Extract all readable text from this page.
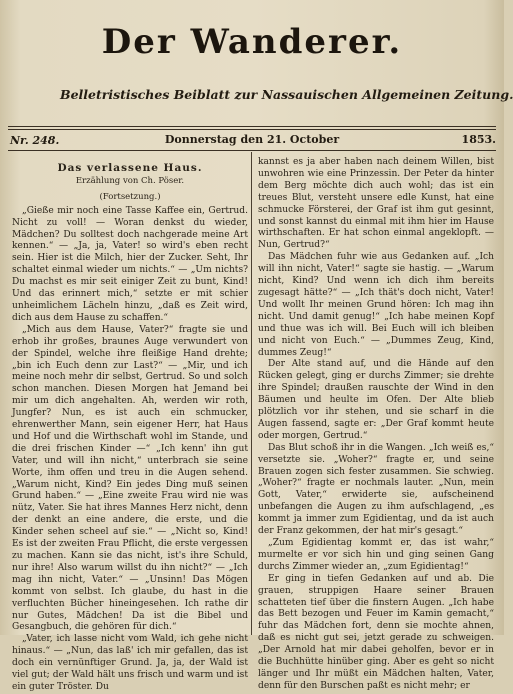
Der Wanderer.
Belletristisches Beiblatt zur Nassauischen Allgemeinen Zeitung.
Nr. 248.	Donnerstag den 21. October	1853.
Das verlassene Haus.
Erzählung von Ch. Pöser.
(Fortsetzung.)

„Gieße mir noch eine Tasse Kaffee ein, Gertrud. Nicht zu voll! — Woran denkst du wieder, Mädchen? Du solltest doch nachgerade meine Art kennen.“ — „Ja, ja, Vater! so wird's eben recht sein. Hier ist die Milch, hier der Zucker. Seht, Ihr schaltet einmal wieder um nichts.“ — „Um nichts? Du machst es mir seit einiger Zeit zu bunt, Kind! Und das erinnert mich,“ setzte er mit schier unheimlichem Lächeln hinzu, „daß es Zeit wird, dich aus dem Hause zu schaffen.“

„Mich aus dem Hause, Vater?“ fragte sie und erhob ihr großes, braunes Auge verwundert von der Spindel, welche ihre fleißige Hand drehte; „bin ich Euch denn zur Last?“ — „Mir, und ich meine noch mehr dir selbst, Gertrud. So und solch schon manchen. Diesen Morgen hat Jemand bei mir um dich angehalten. Ah, werden wir roth, Jungfer? Nun, es ist auch ein schmucker, ehrenwerther Mann, sein eigener Herr, hat Haus und Hof und die Wirthschaft wohl im Stande, und die drei frischen Kinder —“ „Ich kenn' ihn gut Vater, und will ihn nicht,“ unterbrach sie seine Worte, ihm offen und treu in die Augen sehend. „Warum nicht, Kind? Ein jedes Ding muß seinen Grund haben.“ — „Eine zweite Frau wird nie was nütz, Vater. Sie hat ihres Mannes Herz nicht, denn der denkt an eine andere, die erste, und die Kinder sehen scheel auf sie.“ — „Nicht so, Kind! Es ist der zweiten Frau Pflicht, die erste vergessen zu machen. Kann sie das nicht, ist's ihre Schuld, nur ihre! Also warum willst du ihn nicht?“ — „Ich mag ihn nicht, Vater.“ — „Unsinn! Das Mögen kommt von selbst. Ich glaube, du hast in die verfluchten Bücher hineingesehen. Ich rathe dir nur Gutes, Mädchen! Da ist die Bibel und Gesangbuch, die gehören für dich.“

„Vater, ich lasse nicht vom Wald, ich gehe nicht hinaus.“ — „Nun, das laß' ich mir gefallen, das ist doch ein vernünftiger Grund. Ja, ja, der Wald ist viel gut; der Wald hält uns frisch und warm und ist ein guter Tröster. Du

kannst es ja aber haben nach deinem Willen, bist unwohren wie eine Prinzessin. Der Peter da hinter dem Berg möchte dich auch wohl; das ist ein treues Blut, versteht unsere edle Kunst, hat eine schmucke Försterei, der Graf ist ihm gut gesinnt, und sonst kannst du einmal mit ihm hier im Hause wirthschaften. Er hat schon einmal angeklopft. — Nun, Gertrud?“

Das Mädchen fuhr wie aus Gedanken auf. „Ich will ihn nicht, Vater!“ sagte sie hastig. — „Warum nicht, Kind? Und wenn ich dich ihm bereits zugesagt hätte?“ — „Ich thät's doch nicht, Vater! Und wollt Ihr meinen Grund hören: Ich mag ihn nicht. Und damit genug!“ „Ich habe meinen Kopf und thue was ich will. Bei Euch will ich bleiben und nicht von Euch.“ — „Dummes Zeug, Kind, dummes Zeug!“

Der Alte stand auf, und die Hände auf den Rücken gelegt, ging er durchs Zimmer; sie drehte ihre Spindel; draußen rauschte der Wind in den Bäumen und heulte im Ofen. Der Alte blieb plötzlich vor ihr stehen, und sie scharf in die Augen fassend, sagte er: „Der Graf kommt heute oder morgen, Gertrud.“

Das Blut schoß ihr in die Wangen. „Ich weiß es,“ versetzte sie. „Woher?“ fragte er, und seine Brauen zogen sich fester zusammen. Sie schwieg. „Woher?“ fragte er nochmals lauter. „Nun, mein Gott, Vater,“ erwiderte sie, aufscheinend unbefangen die Augen zu ihm aufschlagend, „es kommt ja immer zum Egidientag, und da ist auch der Franz gekommen, der hat mir's gesagt.“

„Zum Egidientag kommt er, das ist wahr,“ murmelte er vor sich hin und ging seinen Gang durchs Zimmer wieder an, „zum Egidientag!“

Er ging in tiefen Gedanken auf und ab. Die grauen, struppigen Haare seiner Brauen schatteten tief über die finstern Augen. „Ich habe das Bett bezogen und Feuer im Kamin gemacht,“ fuhr das Mädchen fort, denn sie mochte ahnen, daß es nicht gut sei, jetzt gerade zu schweigen. „Der Arnold hat mir dabei geholfen, bevor er in die Buchhütte hinüber ging. Aber es geht so nicht länger und Ihr müßt ein Mädchen halten, Vater, denn für den Burschen paßt es nicht mehr; er
